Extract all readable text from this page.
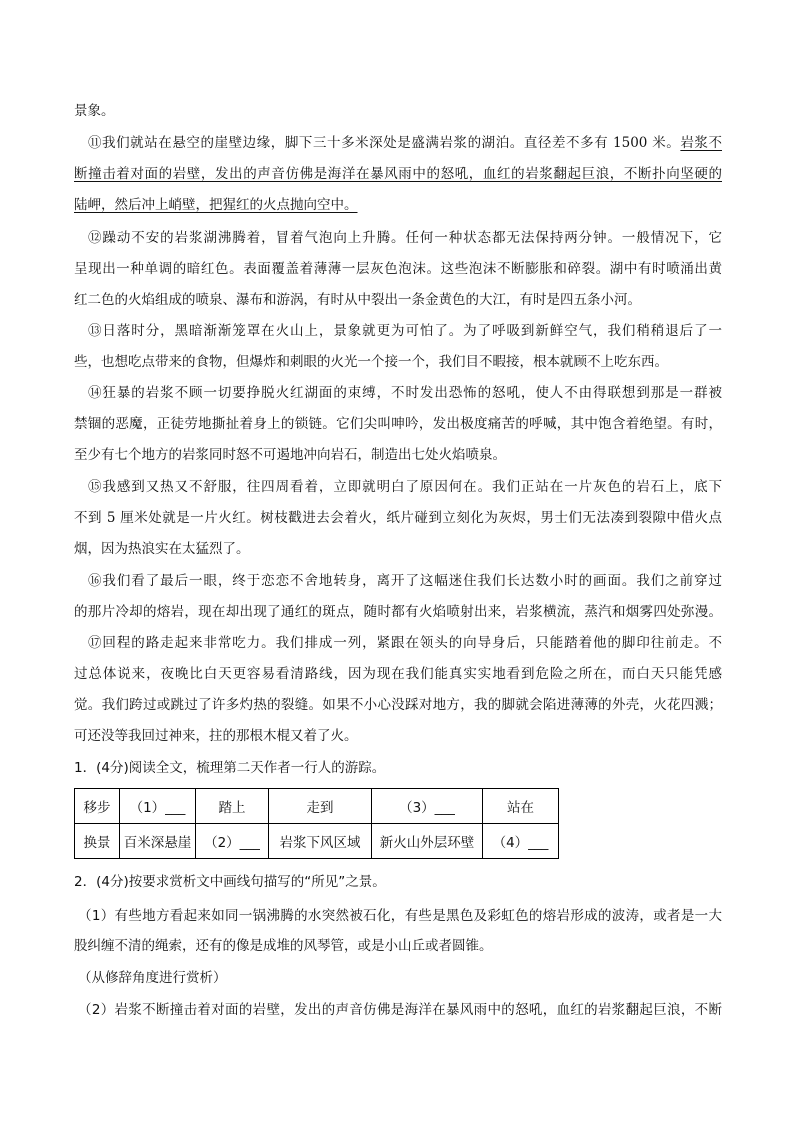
景象。
⑪我们就站在悬空的崖壁边缘，脚下三十多米深处是盛满岩浆的湖泊。直径差不多有 1500 米。岩浆不
断撞击着对面的岩壁，发出的声音仿佛是海洋在暴风雨中的怒吼，血红的岩浆翻起巨浪，不断扑向坚硬的
陆岬，然后冲上峭壁，把猩红的火点抛向空中。
⑫躁动不安的岩浆湖沸腾着，冒着气泡向上升腾。任何一种状态都无法保持两分钟。一般情况下，它
呈现出一种单调的暗红色。表面覆盖着薄薄一层灰色泡沫。这些泡沫不断膨胀和碎裂。湖中有时喷涌出黄
红二色的火焰组成的喷泉、瀑布和游涡，有时从中裂出一条金黄色的大江，有时是四五条小河。
⑬日落时分，黑暗渐渐笼罩在火山上，景象就更为可怕了。为了呼吸到新鲜空气，我们稍稍退后了一
些，也想吃点带来的食物，但爆炸和刺眼的火光一个接一个，我们目不暇接，根本就顾不上吃东西。
⑭狂暴的岩浆不顾一切要挣脱火红湖面的束缚，不时发出恐怖的怒吼，使人不由得联想到那是一群被
禁锢的恶魔，正徒劳地撕扯着身上的锁链。它们尖叫呻吟，发出极度痛苦的呼喊，其中饱含着绝望。有时，
至少有七个地方的岩浆同时怒不可遏地冲向岩石，制造出七处火焰喷泉。
⑮我感到又热又不舒服，往四周看着，立即就明白了原因何在。我们正站在一片灰色的岩石上，底下
不到 5 厘米处就是一片火红。树枝戳进去会着火，纸片碰到立刻化为灰烬，男士们无法凑到裂隙中借火点
烟，因为热浪实在太猛烈了。
⑯我们看了最后一眼，终于恋恋不舍地转身，离开了这幅迷住我们长达数小时的画面。我们之前穿过
的那片冷却的熔岩，现在却出现了通红的斑点，随时都有火焰喷射出来，岩浆横流，蒸汽和烟雾四处弥漫。
⑰回程的路走起来非常吃力。我们排成一列，紧跟在领头的向导身后，只能踏着他的脚印往前走。不
过总体说来，夜晚比白天更容易看清路线，因为现在我们能真实实地看到危险之所在，而白天只能凭感
觉。我们跨过或跳过了许多灼热的裂缝。如果不小心没踩对地方，我的脚就会陷进薄薄的外壳，火花四溅；
可还没等我回过神来，拄的那根木棍又着了火。
1．(4分)阅读全文，梳理第二天作者一行人的游踪。
移步	（1）___	踏上	走到	（3）___	站在
换景	百米深悬崖	（2）___	岩浆下风区域	新火山外层环壁	（4）___
2．(4分)按要求赏析文中画线句描写的“所见”之景。
（1）有些地方看起来如同一锅沸腾的水突然被石化，有些是黑色及彩虹色的熔岩形成的波涛，或者是一大
股纠缠不清的绳索，还有的像是成堆的风琴管，或是小山丘或者圆锥。
（从修辞角度进行赏析）
（2）岩浆不断撞击着对面的岩壁，发出的声音仿佛是海洋在暴风雨中的怒吼，血红的岩浆翻起巨浪，不断
